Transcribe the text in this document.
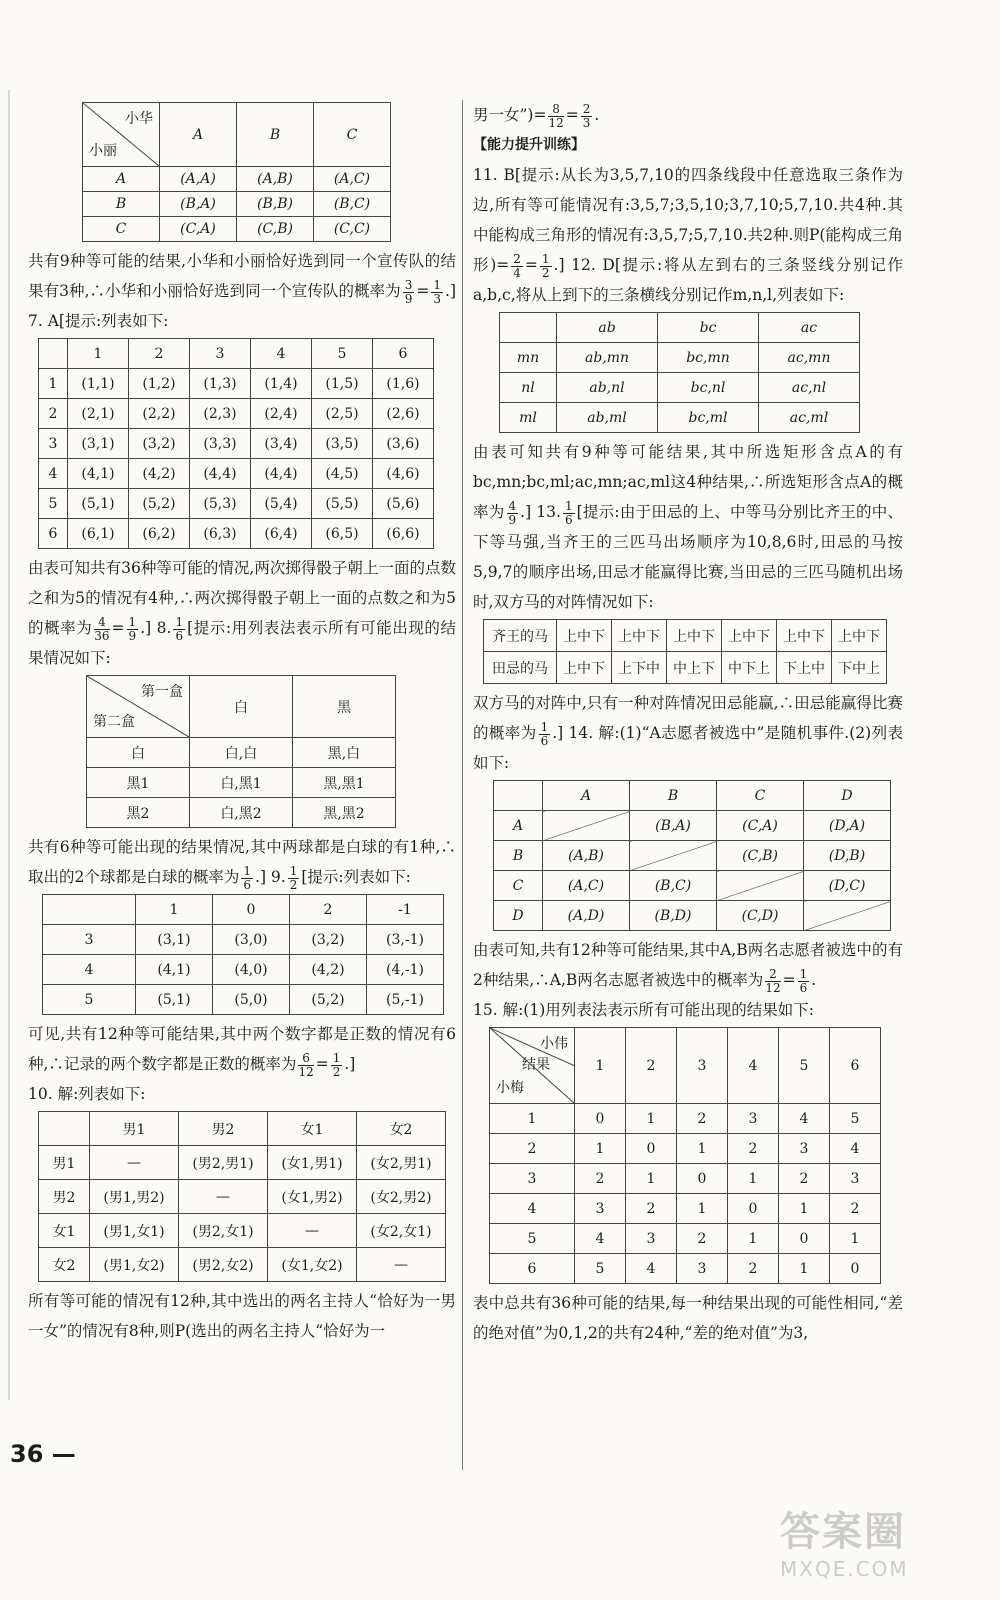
小华
小丽	A	B	C
A	(A,A)	(A,B)	(A,C)
B	(B,A)	(B,B)	(B,C)
C	(C,A)	(C,B)	(C,C)

共有9种等可能的结果,小华和小丽恰好选到同一个宣传队的结果有3种,∴小华和小丽恰好选到同一个宣传队的概率为 $\frac{3}{9} = \frac{1}{3}$ .] 7. A[提示:列表如下:

	1	2	3	4	5	6
1	(1,1)	(1,2)	(1,3)	(1,4)	(1,5)	(1,6)
2	(2,1)	(2,2)	(2,3)	(2,4)	(2,5)	(2,6)
3	(3,1)	(3,2)	(3,3)	(3,4)	(3,5)	(3,6)
4	(4,1)	(4,2)	(4,4)	(4,4)	(4,5)	(4,6)
5	(5,1)	(5,2)	(5,3)	(5,4)	(5,5)	(5,6)
6	(6,1)	(6,2)	(6,3)	(6,4)	(6,5)	(6,6)

由表可知共有36种等可能的情况,两次掷得骰子朝上一面的点数之和为5的情况有4种,∴两次掷得骰子朝上一面的点数之和为5的概率为 $\frac{4}{36} = \frac{1}{9}$ .] 8. $\frac{1}{6}$ [提示:用列表法表示所有可能出现的结果情况如下:

第一盒
第二盒	白	黑
白	白,白	黑,白
黑1	白,黑1	黑,黑1
黑2	白,黑2	黑,黑2

共有6种等可能出现的结果情况,其中两球都是白球的有1种,∴取出的2个球都是白球的概率为 $\frac{1}{6}$ .] 9. $\frac{1}{2}$ [提示:列表如下:

	1	0	2	-1
3	(3,1)	(3,0)	(3,2)	(3,-1)
4	(4,1)	(4,0)	(4,2)	(4,-1)
5	(5,1)	(5,0)	(5,2)	(5,-1)

可见,共有12种等可能结果,其中两个数字都是正数的情况有6种,∴记录的两个数字都是正数的概率为 $\frac{6}{12} = \frac{1}{2}$ .]

10. 解:列表如下:

	男1	男2	女1	女2
男1	—	(男2,男1)	(女1,男1)	(女2,男1)
男2	(男1,男2)	—	(女1,男2)	(女2,男2)
女1	(男1,女1)	(男2,女1)	—	(女2,女1)
女2	(男1,女2)	(男2,女2)	(女1,女2)	—

所有等可能的情况有12种,其中选出的两名主持人“恰好为一男一女”的情况有8种,则P(选出的两名主持人“恰好为一

男一女”)= $\frac{8}{12} = \frac{2}{3}$ .

【能力提升训练】

11. B[提示:从长为3,5,7,10的四条线段中任意选取三条作为边,所有等可能情况有:3,5,7;3,5,10;3,7,10;5,7,10.共4种.其中能构成三角形的情况有:3,5,7;5,7,10.共2种.则P(能构成三角形)= $\frac{2}{4} = \frac{1}{2}$ .] 12. D[提示:将从左到右的三条竖线分别记作a,b,c,将从上到下的三条横线分别记作m,n,l,列表如下:

	ab	bc	ac
mn	ab,mn	bc,mn	ac,mn
nl	ab,nl	bc,nl	ac,nl
ml	ab,ml	bc,ml	ac,ml

由表可知共有9种等可能结果,其中所选矩形含点A的有bc,mn;bc,ml;ac,mn;ac,ml这4种结果,∴所选矩形含点A的概率为 $\frac{4}{9}$ .] 13. $\frac{1}{6}$ [提示:由于田忌的上、中等马分别比齐王的中、下等马强,当齐王的三匹马出场顺序为10,8,6时,田忌的马按5,9,7的顺序出场,田忌才能赢得比赛,当田忌的三匹马随机出场时,双方马的对阵情况如下:

齐王的马	上中下	上中下	上中下	上中下	上中下	上中下
田忌的马	上中下	上下中	中上下	中下上	下上中	下中上

双方马的对阵中,只有一种对阵情况田忌能赢,∴田忌能赢得比赛的概率为 $\frac{1}{6}$ .] 14. 解:(1)“A志愿者被选中”是随机事件.(2)列表如下:

	A	B	C	D
A		(B,A)	(C,A)	(D,A)
B	(A,B)		(C,B)	(D,B)
C	(A,C)	(B,C)		(D,C)
D	(A,D)	(B,D)	(C,D)	

由表可知,共有12种等可能结果,其中A,B两名志愿者被选中的有2种结果,∴A,B两名志愿者被选中的概率为 $\frac{2}{12} = \frac{1}{6}$ .

15. 解:(1)用列表法表示所有可能出现的结果如下:

小伟
结果
小梅	1	2	3	4	5	6
1	0	1	2	3	4	5
2	1	0	1	2	3	4
3	2	1	0	1	2	3
4	3	2	1	0	1	2
5	4	3	2	1	0	1
6	5	4	3	2	1	0

表中总共有36种可能的结果,每一种结果出现的可能性相同,“差的绝对值”为0,1,2的共有24种,“差的绝对值”为3,

36 —
答案圈
MXQE.COM
